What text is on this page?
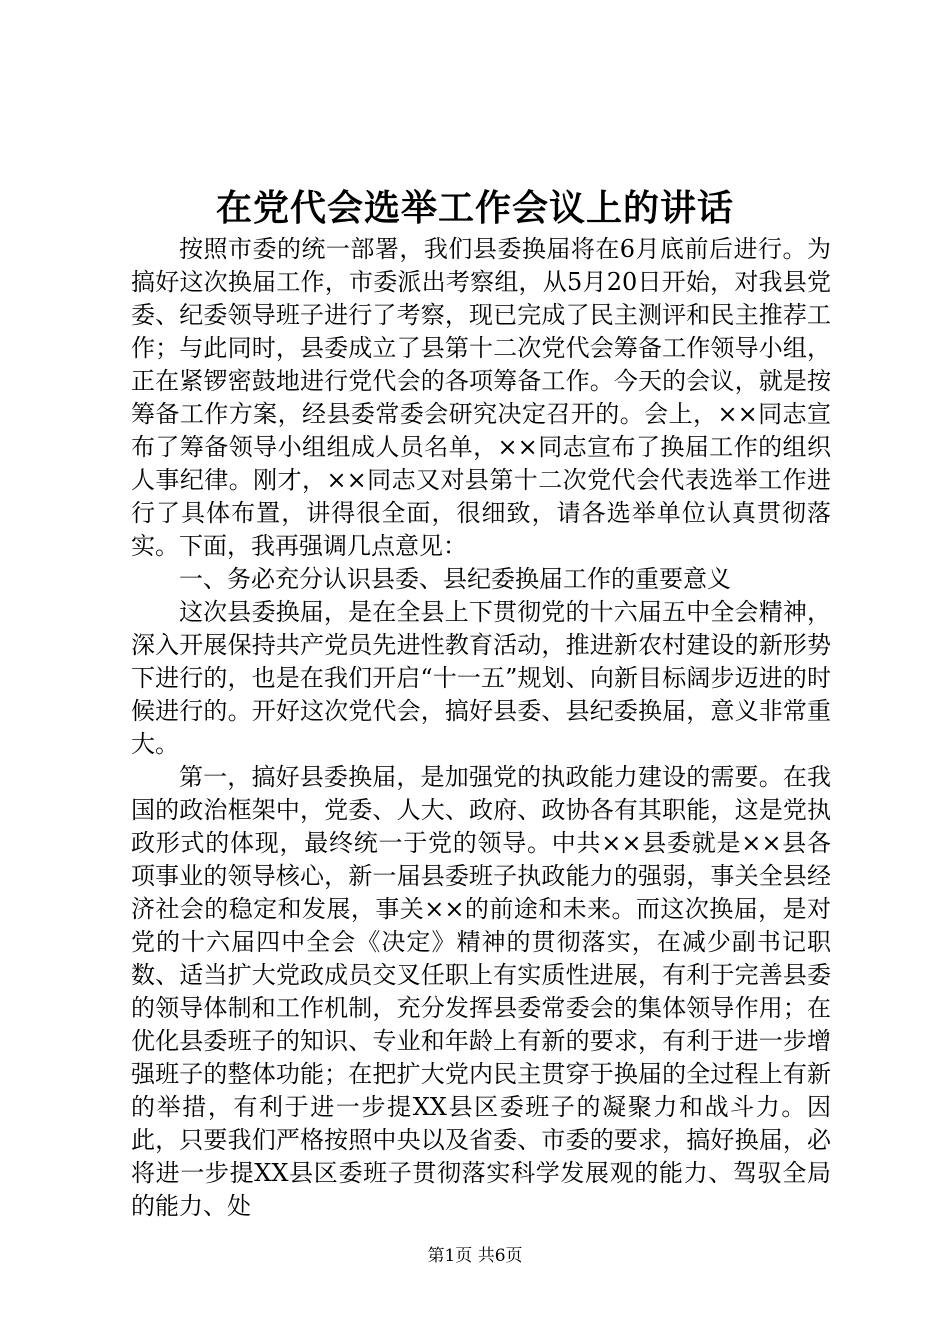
在党代会选举工作会议上的讲话

按照市委的统一部署，我们县委换届将在6月底前后进行。为搞好这次换届工作，市委派出考察组，从5月20日开始，对我县党委、纪委领导班子进行了考察，现已完成了民主测评和民主推荐工作；与此同时，县委成立了县第十二次党代会筹备工作领导小组，正在紧锣密鼓地进行党代会的各项筹备工作。今天的会议，就是按筹备工作方案，经县委常委会研究决定召开的。会上，××同志宣布了筹备领导小组组成人员名单，××同志宣布了换届工作的组织人事纪律。刚才，××同志又对县第十二次党代会代表选举工作进行了具体布置，讲得很全面，很细致，请各选举单位认真贯彻落实。下面，我再强调几点意见：

一、务必充分认识县委、县纪委换届工作的重要意义

这次县委换届，是在全县上下贯彻党的十六届五中全会精神，深入开展保持共产党员先进性教育活动，推进新农村建设的新形势下进行的，也是在我们开启“十一五”规划、向新目标阔步迈进的时候进行的。开好这次党代会，搞好县委、县纪委换届，意义非常重大。

第一，搞好县委换届，是加强党的执政能力建设的需要。在我国的政治框架中，党委、人大、政府、政协各有其职能，这是党执政形式的体现，最终统一于党的领导。中共××县委就是××县各项事业的领导核心，新一届县委班子执政能力的强弱，事关全县经济社会的稳定和发展，事关××的前途和未来。而这次换届，是对党的十六届四中全会《决定》精神的贯彻落实，在减少副书记职数、适当扩大党政成员交叉任职上有实质性进展，有利于完善县委的领导体制和工作机制，充分发挥县委常委会的集体领导作用；在优化县委班子的知识、专业和年龄上有新的要求，有利于进一步增强班子的整体功能；在把扩大党内民主贯穿于换届的全过程上有新的举措，有利于进一步提XX县区委班子的凝聚力和战斗力。因此，只要我们严格按照中央以及省委、市委的要求，搞好换届，必将进一步提XX县区委班子贯彻落实科学发展观的能力、驾驭全局的能力、处

第1页 共6页
